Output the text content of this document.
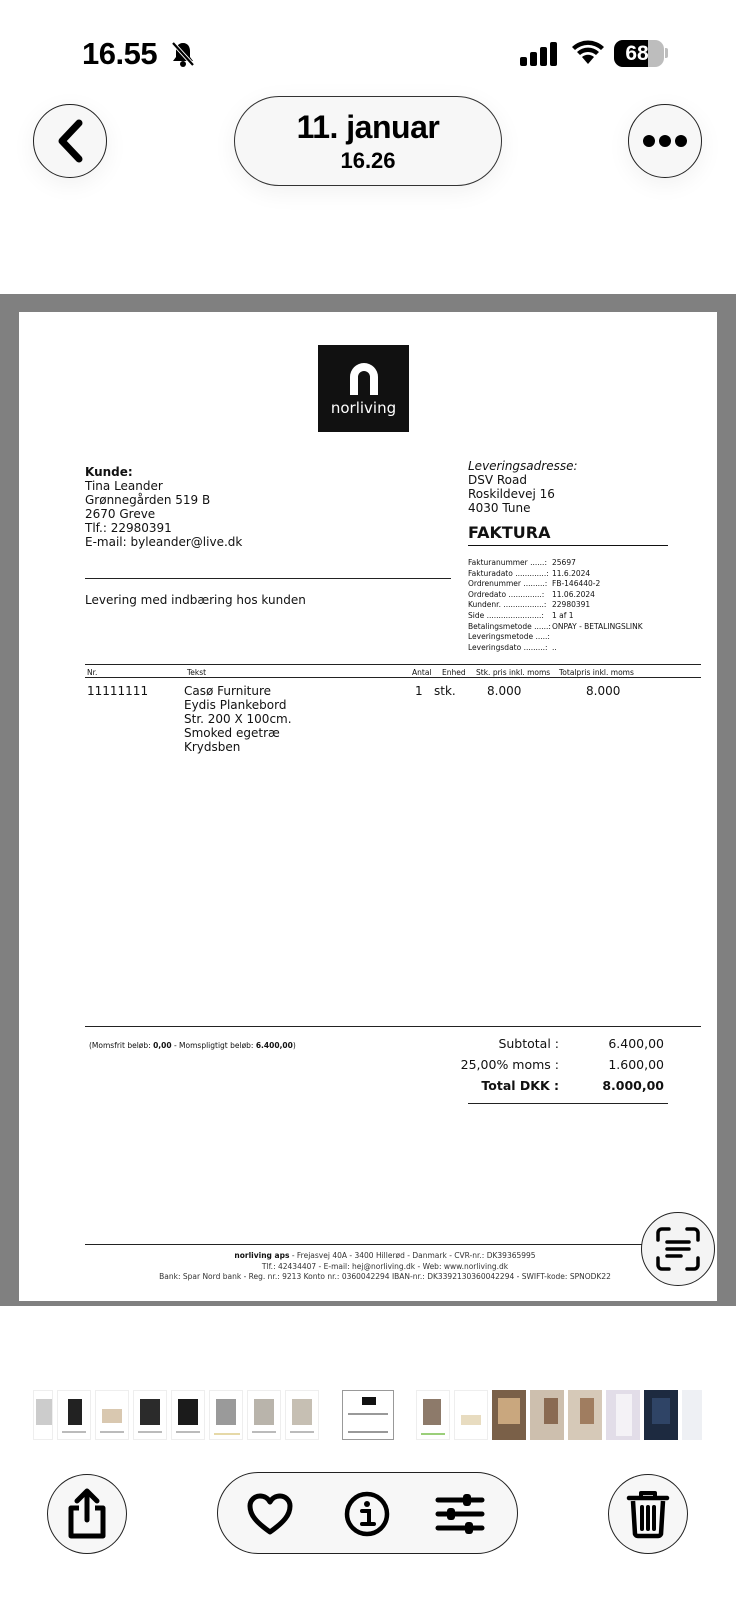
16.55	68
11. januar
16.26
norliving
Kunde:
Tina Leander
Grønnegården 519 B
2670 Greve
Tlf.: 22980391
E-mail: byleander@live.dk
Leveringsadresse:
DSV Road
Roskildevej 16
4030 Tune
FAKTURA
Fakturanummer ......: 25697
Fakturadato .............: 11.6.2024
Ordrenummer .........: FB-146440-2
Ordredato ..............:	11.06.2024
Kundenr. .................: 22980391
Side .......................:	1 af 1
Betalingsmetode ......: ONPAY - BETALINGSLINK
Leveringsmetode .....:
Leveringsdato .........: ..
Levering med indbæring hos kunden
Nr.	Tekst	Antal Enhed Stk. pris inkl. moms Totalpris inkl. moms
11111111	Casø Furniture
Eydis Plankebord
Str. 200 X 100cm.
Smoked egetræ
Krydsben
1 stk.	8.000	8.000
(Momsfrit beløb: 0,00 - Momspligtigt beløb: 6.400,00)	Subtotal :	6.400,00
25,00% moms :	1.600,00
Total DKK :	8.000,00
norliving aps - Frejasvej 40A - 3400 Hillerød - Danmark - CVR-nr.: DK39365995
Tlf.: 42434407 - E-mail: hej@norliving.dk - Web: www.norliving.dk
Bank: Spar Nord bank - Reg. nr.: 9213 Konto nr.: 0360042294 IBAN-nr.: DK3392130360042294 - SWIFT-kode: SPNODK22
